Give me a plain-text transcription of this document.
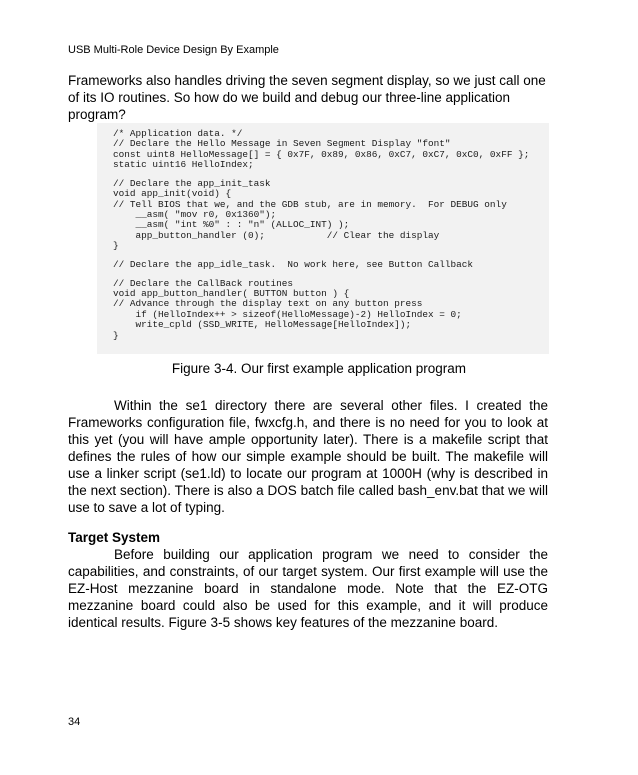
USB Multi-Role Device Design By Example
Frameworks also handles driving the seven segment display, so we just call one of its IO routines. So how do we build and debug our three-line application program?
/* Application data. */
// Declare the Hello Message in Seven Segment Display "font"
const uint8 HelloMessage[] = { 0x7F, 0x89, 0x86, 0xC7, 0xC7, 0xC0, 0xFF };
static uint16 HelloIndex;
// Declare the app_init_task
void app_init(void) {
// Tell BIOS that we, and the GDB stub, are in memory.  For DEBUG only
__asm( "mov r0, 0x1360");
__asm( "int %0" : : "n" (ALLOC_INT) );
app_button_handler (0);           // Clear the display
}
// Declare the app_idle_task.  No work here, see Button Callback
// Declare the CallBack routines
void app_button_handler( BUTTON button ) {
// Advance through the display text on any button press
if (HelloIndex++ > sizeof(HelloMessage)-2) HelloIndex = 0;
write_cpld (SSD_WRITE, HelloMessage[HelloIndex]);
}
Figure 3-4. Our first example application program
Within the se1 directory there are several other files. I created the Frameworks configuration file, fwxcfg.h, and there is no need for you to look at this yet (you will have ample opportunity later). There is a makefile script that defines the rules of how our simple example should be built. The makefile will use a linker script (se1.ld) to locate our program at 1000H (why is described in the next section). There is also a DOS batch file called bash_env.bat that we will use to save a lot of typing.
Target System
Before building our application program we need to consider the capabilities, and constraints, of our target system. Our first example will use the EZ-Host mezzanine board in standalone mode. Note that the EZ-OTG mezzanine board could also be used for this example, and it will produce identical results. Figure 3-5 shows key features of the mezzanine board.
34
